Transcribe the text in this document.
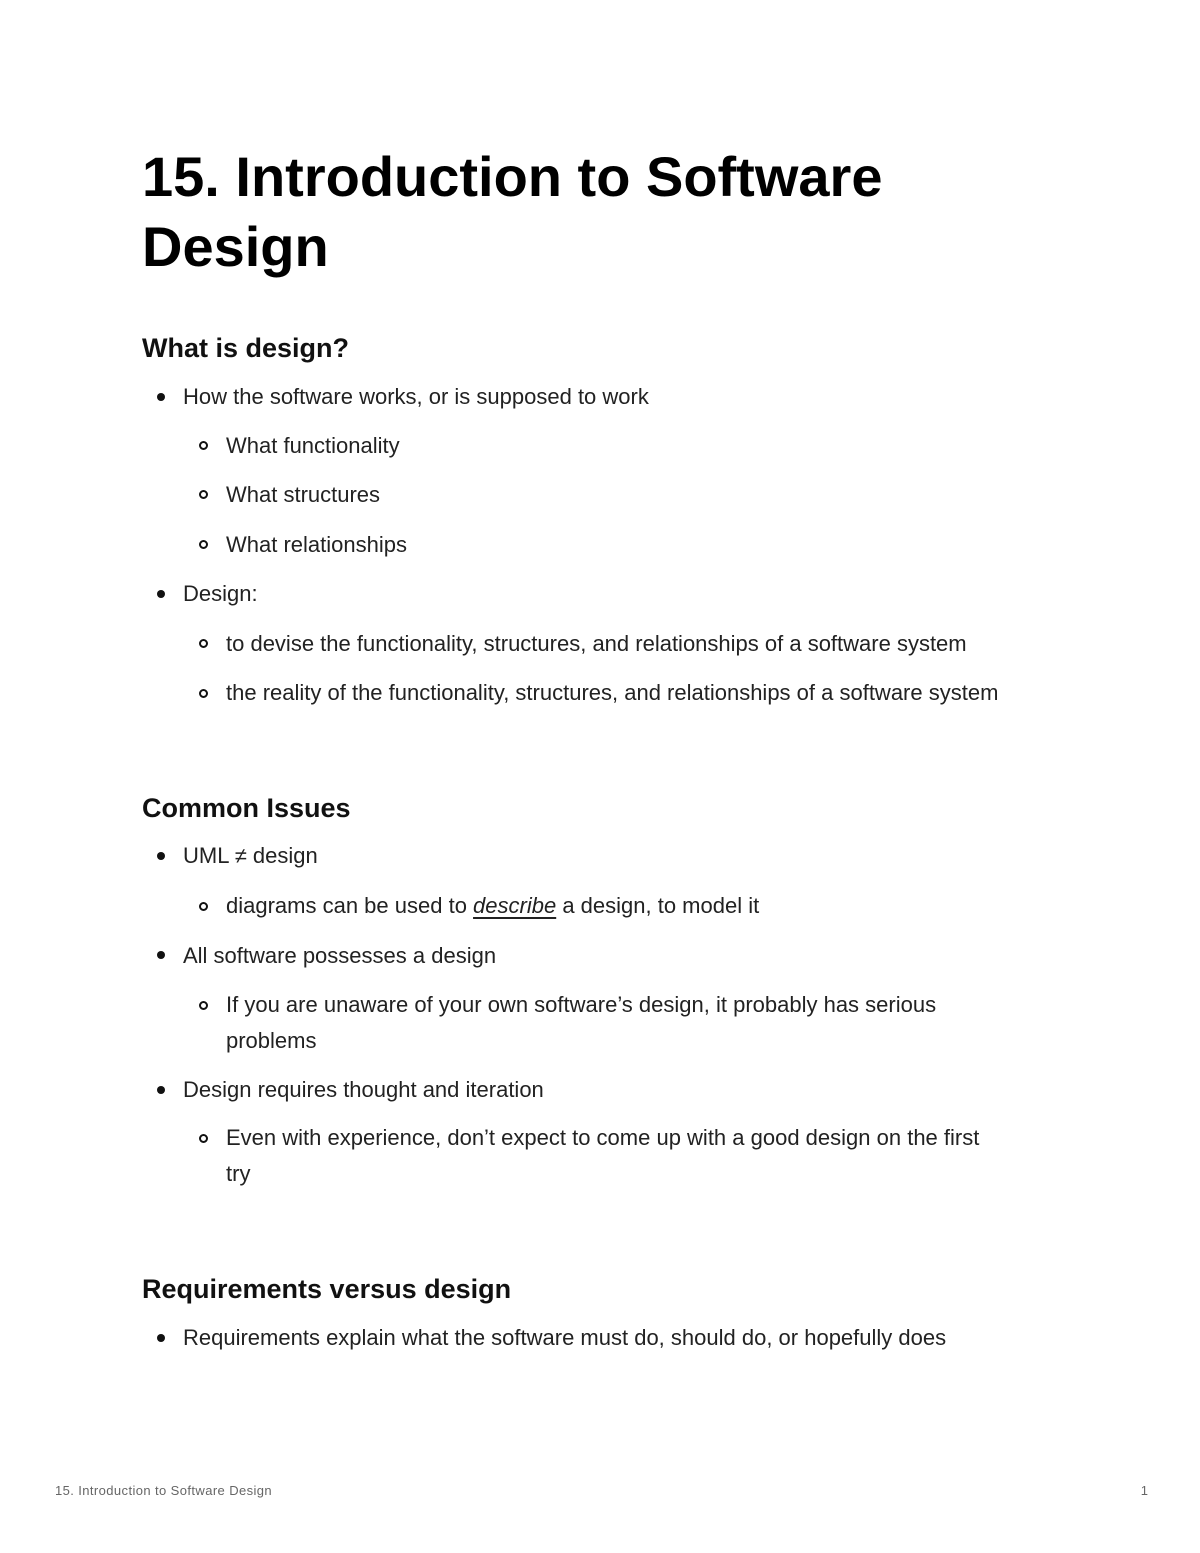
15. Introduction to Software Design
What is design?

How the software works, or is supposed to work

What functionality

What structures

What relationships

Design:

to devise the functionality, structures, and relationships of a software system

the reality of the functionality, structures, and relationships of a software system

Common Issues

UML ≠ design

diagrams can be used to describe a design, to model it

All software possesses a design

If you are unaware of your own software’s design, it probably has serious
problems

Design requires thought and iteration

Even with experience, don’t expect to come up with a good design on the first
try

Requirements versus design

Requirements explain what the software must do, should do, or hopefully does

15. Introduction to Software Design	1
